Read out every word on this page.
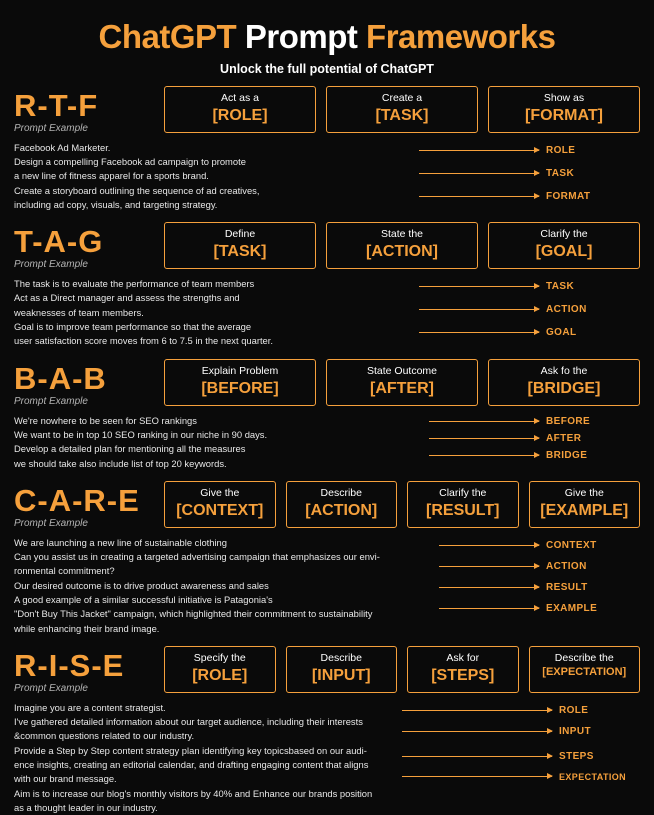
ChatGPT Prompt Frameworks
Unlock the full potential of ChatGPT
R-T-F
Prompt Example
Act as a
[ROLE]
Create a
[TASK]
Show as
[FORMAT]

Facebook Ad Marketer.

Design a compelling Facebook ad campaign to promote

a new line of fitness apparel for a sports brand.

Create a storyboard outlining the sequence of ad creatives,

including ad copy, visuals, and targeting strategy.

ROLE
TASK
FORMAT
T-A-G
Prompt Example
Define
[TASK]
State the
[ACTION]
Clarify the
[GOAL]

The task is to evaluate the performance of team members

Act as a Direct manager and assess the strengths and

weaknesses of team members.

Goal is to improve team performance so that the average

user satisfaction score moves from 6 to 7.5 in the next quarter.

TASK
ACTION
GOAL
B-A-B
Prompt Example
Explain Problem
[BEFORE]
State Outcome
[AFTER]
Ask fo the
[BRIDGE]

We're nowhere to be seen for SEO rankings

We want to be in top 10 SEO ranking in our niche in 90 days.

Develop a detailed plan for mentioning all the measures

we should take also include list of top 20 keywords.

BEFORE
AFTER
BRIDGE
C-A-R-E
Prompt Example
Give the
[CONTEXT]
Describe
[ACTION]
Clarify the
[RESULT]
Give the
[EXAMPLE]

We are launching a new line of sustainable clothing

Can you assist us in creating a targeted advertising campaign that emphasizes our envi-

ronmental commitment?

Our desired outcome is to drive product awareness and sales

A good example of a similar successful initiative is Patagonia's

"Don't Buy This Jacket" campaign, which highlighted their commitment to sustainability

while enhancing their brand image.

CONTEXT
ACTION
RESULT
EXAMPLE
R-I-S-E
Prompt Example
Specify the
[ROLE]
Describe
[INPUT]
Ask for
[STEPS]
Describe the
[EXPECTATION]

Imagine you are a content strategist.

I've gathered detailed information about our target audience, including their interests

&common questions related to our industry.

Provide a Step by Step content strategy plan identifying key topicsbased on our audi-

ence insights, creating an editorial calendar, and drafting engaging content that aligns

with our brand message.

Aim is to increase our blog's monthly visitors by 40% and Enhance our brands position

as a thought leader in our industry.

ROLE
INPUT
STEPS
EXPECTATION
